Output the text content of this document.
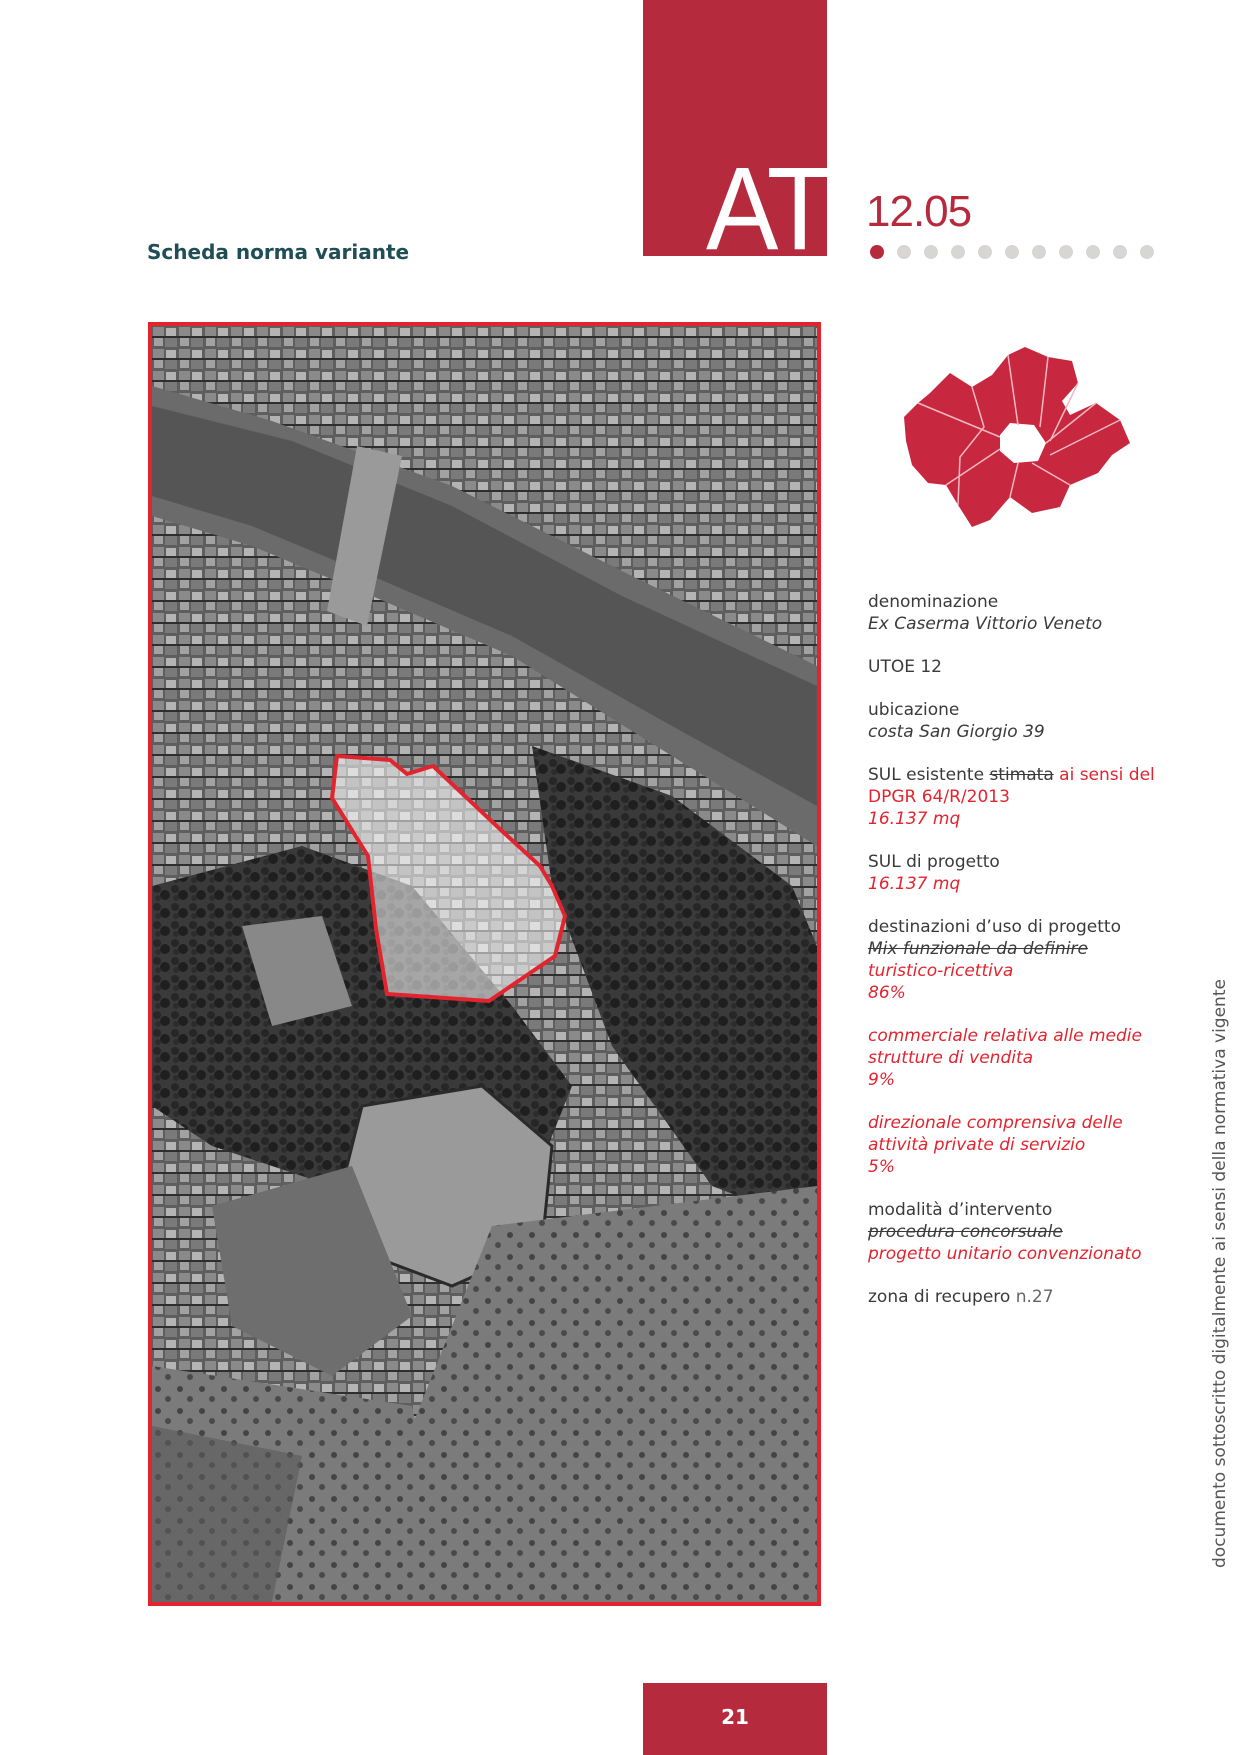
AT 12.05
Scheda norma variante
denominazione
Ex Caserma Vittorio Veneto
UTOE 12
ubicazione
costa San Giorgio 39
SUL esistente stimata ai sensi del
DPGR 64/R/2013
16.137 mq
SUL di progetto
16.137 mq
destinazioni d’uso di progetto
Mix funzionale da definire
turistico-ricettiva
86%
commerciale relativa alle medie
strutture di vendita
9%
direzionale comprensiva delle
attività private di servizio
5%
modalità d’intervento
procedura concorsuale
progetto unitario convenzionato
zona di recupero n.27	documento sottoscritto digitalmente ai sensi della normativa vigente
21
